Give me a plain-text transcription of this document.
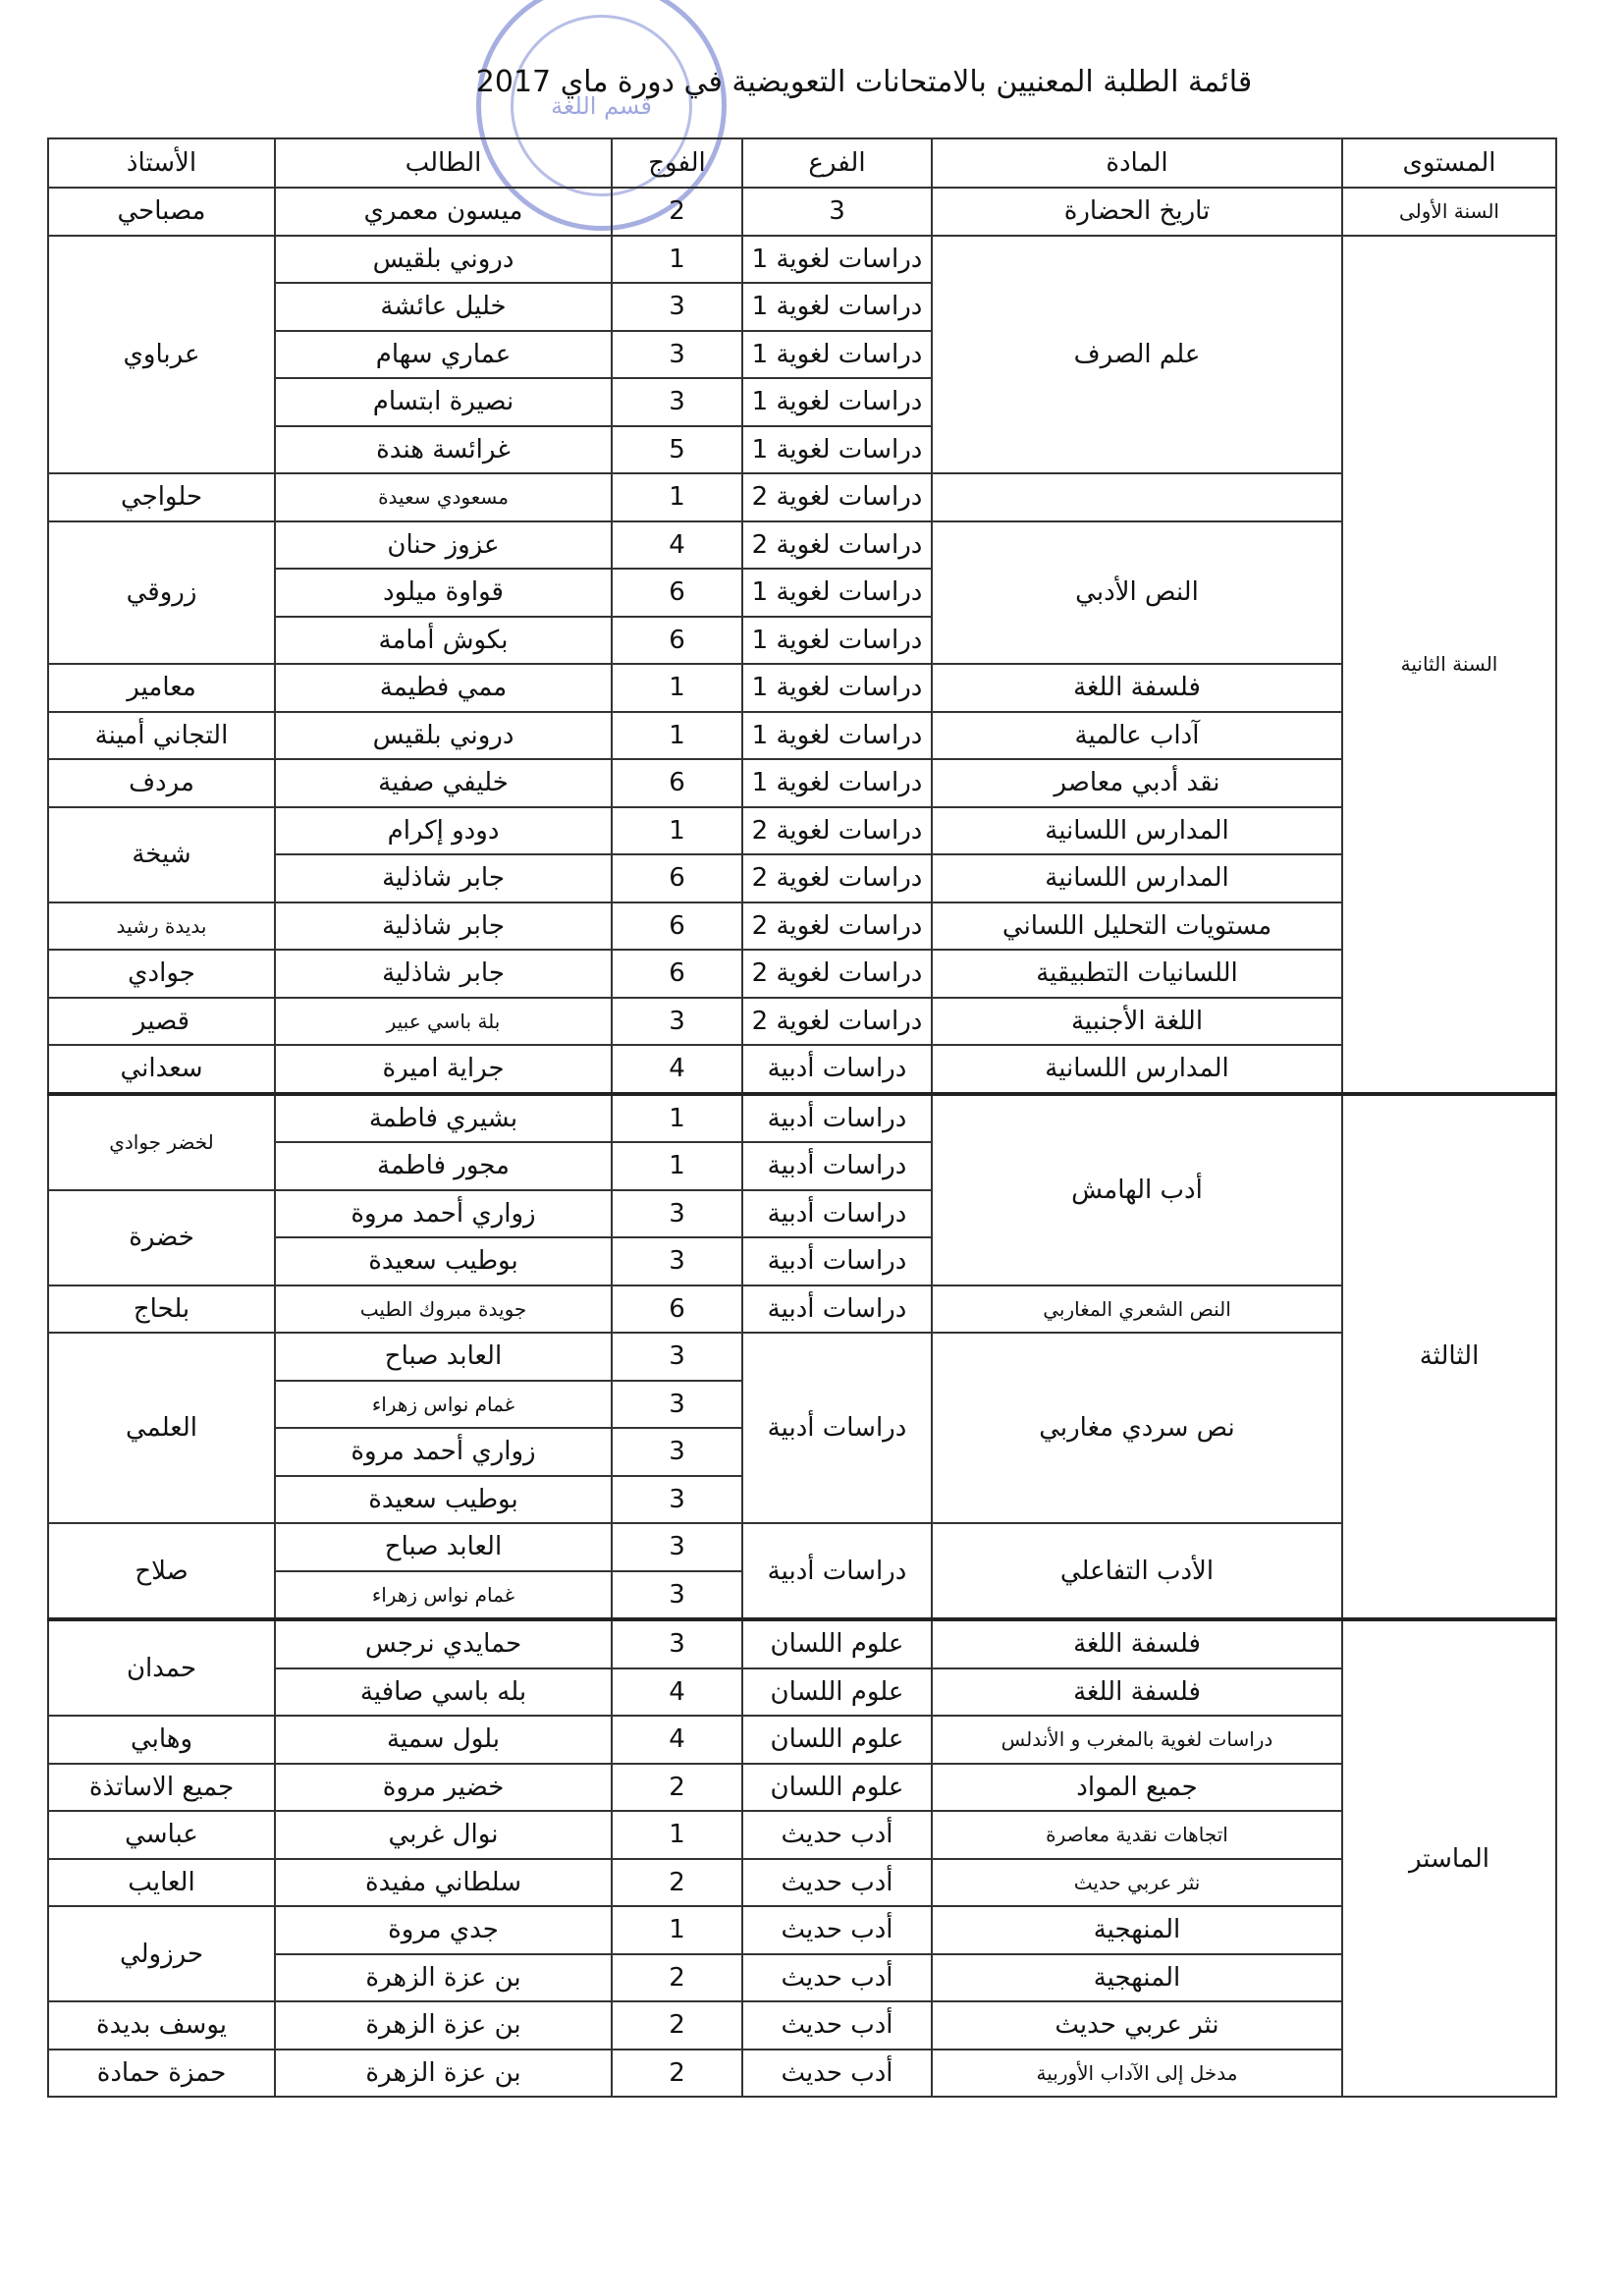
قسم اللغة
قائمة الطلبة المعنيين بالامتحانات التعويضية في دورة ماي 2017
المستوى	المادة	الفرع	الفوج	الطالب	الأستاذ
السنة الأولى	تاريخ الحضارة	3	2	ميسون معمري	مصباحي
السنة الثانية	علم الصرف	دراسات لغوية 1	1	دروني بلقيس	عرباوي
		دراسات لغوية 1	3	خليل عائشة	
		دراسات لغوية 1	3	عماري سهام	
		دراسات لغوية 1	3	نصيرة ابتسام	
		دراسات لغوية 1	5	غرائسة هندة	
		دراسات لغوية 2	1	مسعودي سعيدة	حلواجي
	النص الأدبي	دراسات لغوية 2	4	عزوز حنان	زروقي
		دراسات لغوية 1	6	قواوة ميلود	
		دراسات لغوية 1	6	بكوش أمامة	
	فلسفة اللغة	دراسات لغوية 1	1	ممي فطيمة	معامير
	آداب عالمية	دراسات لغوية 1	1	دروني بلقيس	التجاني أمينة
	نقد أدبي معاصر	دراسات لغوية 1	6	خليفي صفية	مردف
	المدارس اللسانية	دراسات لغوية 2	1	دودو إكرام	شيخة
	المدارس اللسانية	دراسات لغوية 2	6	جابر شاذلية	
	مستويات التحليل اللساني	دراسات لغوية 2	6	جابر شاذلية	بديدة رشيد
	اللسانيات التطبيقية	دراسات لغوية 2	6	جابر شاذلية	جوادي
	اللغة الأجنبية	دراسات لغوية 2	3	بلة باسي عبير	قصير
	المدارس اللسانية	دراسات أدبية	4	جراية اميرة	سعداني
الثالثة	أدب الهامش	دراسات أدبية	1	بشيري فاطمة	لخضر جوادي
		دراسات أدبية	1	مجور فاطمة	
		دراسات أدبية	3	زواري أحمد مروة	خضرة
		دراسات أدبية	3	بوطيب سعيدة	
	النص الشعري المغاربي	دراسات أدبية	6	جويدة مبروك الطيب	بلحاج
	نص سردي مغاربي	دراسات أدبية	3	العابد صباح	العلمي
			3	غمام نواس زهراء	
			3	زواري أحمد مروة	
			3	بوطيب سعيدة	
	الأدب التفاعلي	دراسات أدبية	3	العابد صباح	صلاح
			3	غمام نواس زهراء	
الماستر	فلسفة اللغة	علوم اللسان	3	حمايدي نرجس	حمدان
	فلسفة اللغة	علوم اللسان	4	بله باسي صافية	
	دراسات لغوية بالمغرب و الأندلس	علوم اللسان	4	بلول سمية	وهابي
	جميع المواد	علوم اللسان	2	خضير مروة	جميع الاساتذة
	اتجاهات نقدية معاصرة	أدب حديث	1	نوال غربي	عباسي
	نثر عربي حديث	أدب حديث	2	سلطاني مفيدة	العايب
	المنهجية	أدب حديث	1	جدي مروة	حرزولي
	المنهجية	أدب حديث	2	بن عزة الزهرة	
	نثر عربي حديث	أدب حديث	2	بن عزة الزهرة	يوسف بديدة
	مدخل إلى الآداب الأوربية	أدب حديث	2	بن عزة الزهرة	حمزة حمادة
